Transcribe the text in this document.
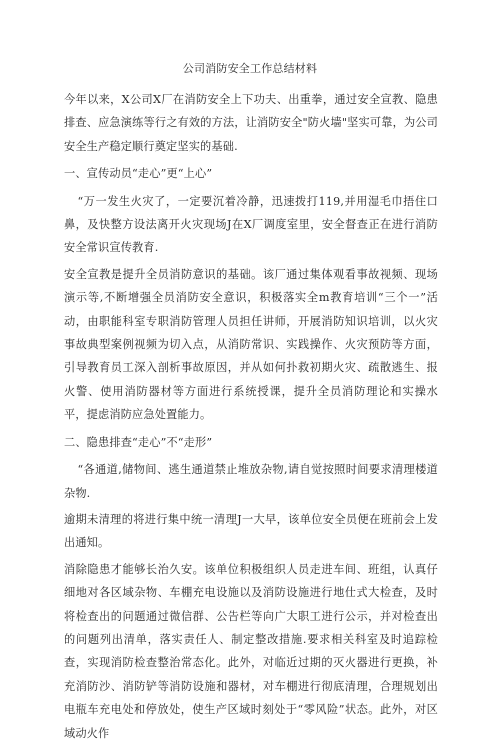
公司消防安全工作总结材料

今年以来，X公司X厂在消防安全上下功夫、出重拳，通过安全宣教、隐患排查、应急演练等行之有效的方法，让消防安全"防火墙"坚实可靠，为公司安全生产稳定顺行奠定坚实的基础.

一、宣传动员“走心”更“上心”

“万一发生火灾了，一定要沉着冷静，迅速拨打119,并用湿毛巾捂住口鼻，及快整方设法离开火灾现场J在X厂调度室里，安全督查正在进行消防安全常识宣传教育.

安全宣教是提升全员消防意识的基础。该厂通过集体观看事故视频、现场演示等,不断增强全员消防安全意识，积极落实全m教育培训“三个一”活动，由职能科室专职消防管理人员担任讲师，开展消防知识培训，以火灾事故典型案例视频为切入点，从消防常识、实践操作、火灾预防等方面，引导教育员工深入剖析事故原因，并从如何扑救初期火灾、疏散逃生、报火警、使用消防器材等方面进行系统授课，提升全员消防理论和实操水平，提虑消防应急处置能力。

二、隐患排查“走心”不“走形”

“各通道,储物间、逃生通道禁止堆放杂物,请自觉按照时间要求清理楼道杂物.

逾期未清理的将进行集中统一清理J一大早，该单位安全员便在班前会上发出通知。

消除隐患才能够长治久安。该单位积极组织人员走进车间、班组，认真仔细地对各区域杂物、车棚充电设施以及消防设施进行地仕式大检查，及时将检查出的问题通过微信群、公告栏等向广大职工进行公示，并对检查出的问题列出清单，落实责任人、制定整改措施.要求相关科室及时追踪检查，实现消防检查整治常态化。此外，对临近过期的灭火器进行更换，补充消防沙、消防铲等消防设施和器材，对车棚进行彻底清理，合理规划出电瓶车充电处和停放处，使生产区域时刻处于“零风险”状态。此外，对区域动火作
